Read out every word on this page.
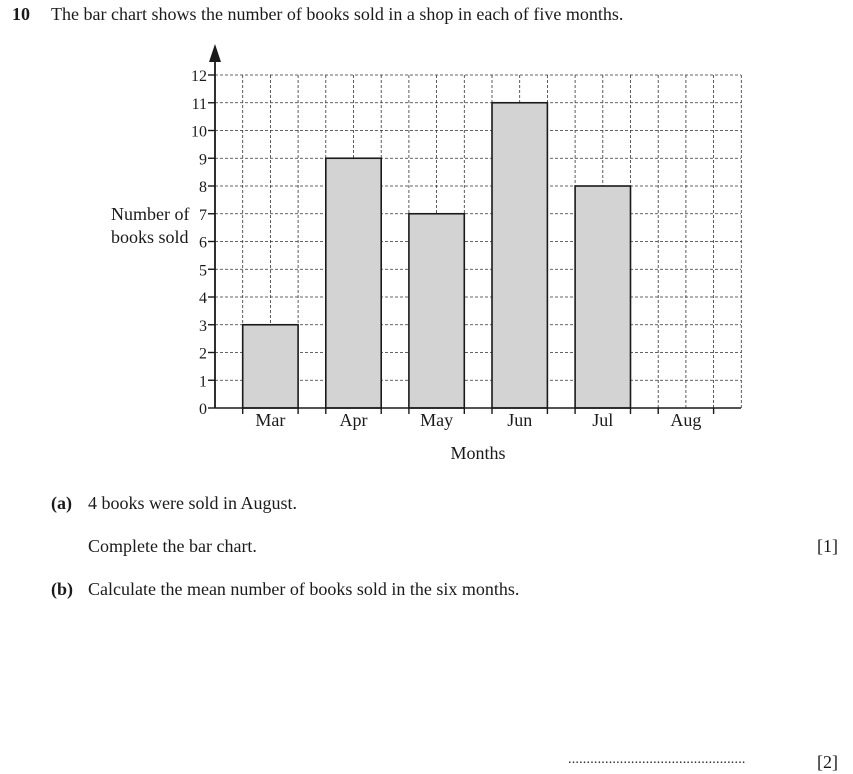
10 The bar chart shows the number of books sold in a shop in each of five months.
Number of books sold
0
1
2
3
4
5
6
7
8
9
10
11
12
Mar	Apr	May	Jun	Jul	Aug
Months
(a) 4 books were sold in August.
Complete the bar chart.	[1]
(b) Calculate the mean number of books sold in the six months.
................................................	[2]
